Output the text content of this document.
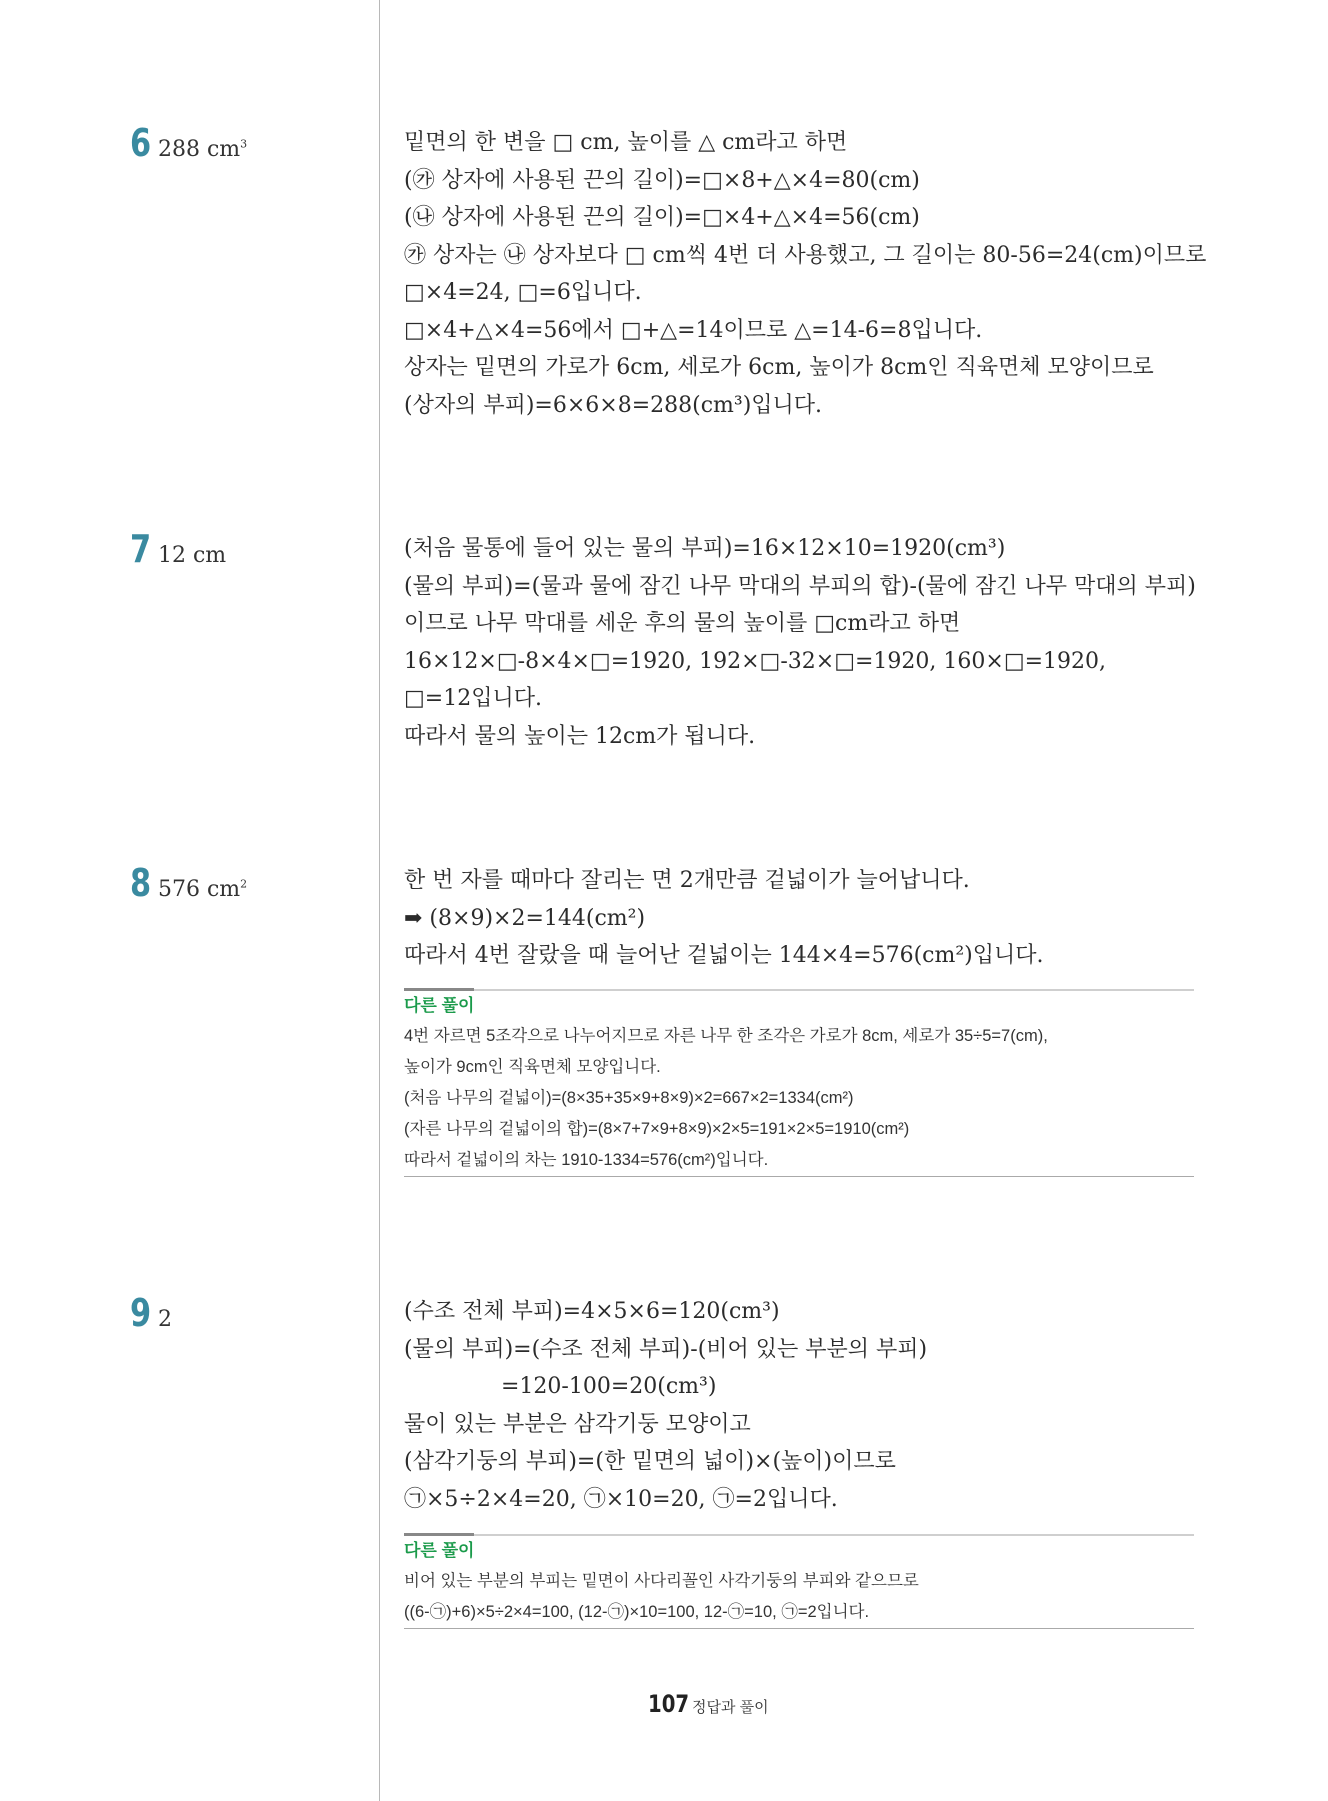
6 288 $cm^3$	밑면의 한 변을 □ cm, 높이를 △ cm라고 하면
(㉮ 상자에 사용된 끈의 길이)=□×8+△×4=80(cm)
(㉯ 상자에 사용된 끈의 길이)=□×4+△×4=56(cm)
㉮ 상자는 ㉯ 상자보다 □ cm씩 4번 더 사용했고, 그 길이는 80-56=24(cm)이므로
□×4=24, □=6입니다.
□×4+△×4=56에서 □+△=14이므로 △=14-6=8입니다.
상자는 밑면의 가로가 6cm, 세로가 6cm, 높이가 8cm인 직육면체 모양이므로
(상자의 부피)=6×6×8=288(cm³)입니다.
7 12 cm	(처음 물통에 들어 있는 물의 부피)=16×12×10=1920(cm³)
(물의 부피)=(물과 물에 잠긴 나무 막대의 부피의 합)-(물에 잠긴 나무 막대의 부피)
이므로 나무 막대를 세운 후의 물의 높이를 □cm라고 하면
16×12×□-8×4×□=1920, 192×□-32×□=1920, 160×□=1920,
□=12입니다.
따라서 물의 높이는 12cm가 됩니다.
8 576 $cm^2$	한 번 자를 때마다 잘리는 면 2개만큼 겉넓이가 늘어납니다.
➡ (8×9)×2=144(cm²)
따라서 4번 잘랐을 때 늘어난 겉넓이는 144×4=576(cm²)입니다.
다른 풀이
4번 자르면 5조각으로 나누어지므로 자른 나무 한 조각은 가로가 8cm, 세로가 35÷5=7(cm),
높이가 9cm인 직육면체 모양입니다.
(처음 나무의 겉넓이)=(8×35+35×9+8×9)×2=667×2=1334(cm²)
(자른 나무의 겉넓이의 합)=(8×7+7×9+8×9)×2×5=191×2×5=1910(cm²)
따라서 겉넓이의 차는 1910-1334=576(cm²)입니다.
9 2	(수조 전체 부피)=4×5×6=120(cm³)
(물의 부피)=(수조 전체 부피)-(비어 있는 부분의 부피)
=120-100=20(cm³)
물이 있는 부분은 삼각기둥 모양이고
(삼각기둥의 부피)=(한 밑면의 넓이)×(높이)이므로
㉠×5÷2×4=20, ㉠×10=20, ㉠=2입니다.
다른 풀이
비어 있는 부분의 부피는 밑면이 사다리꼴인 사각기둥의 부피와 같으므로
((6-㉠)+6)×5÷2×4=100, (12-㉠)×10=100, 12-㉠=10, ㉠=2입니다.
107 정답과 풀이
